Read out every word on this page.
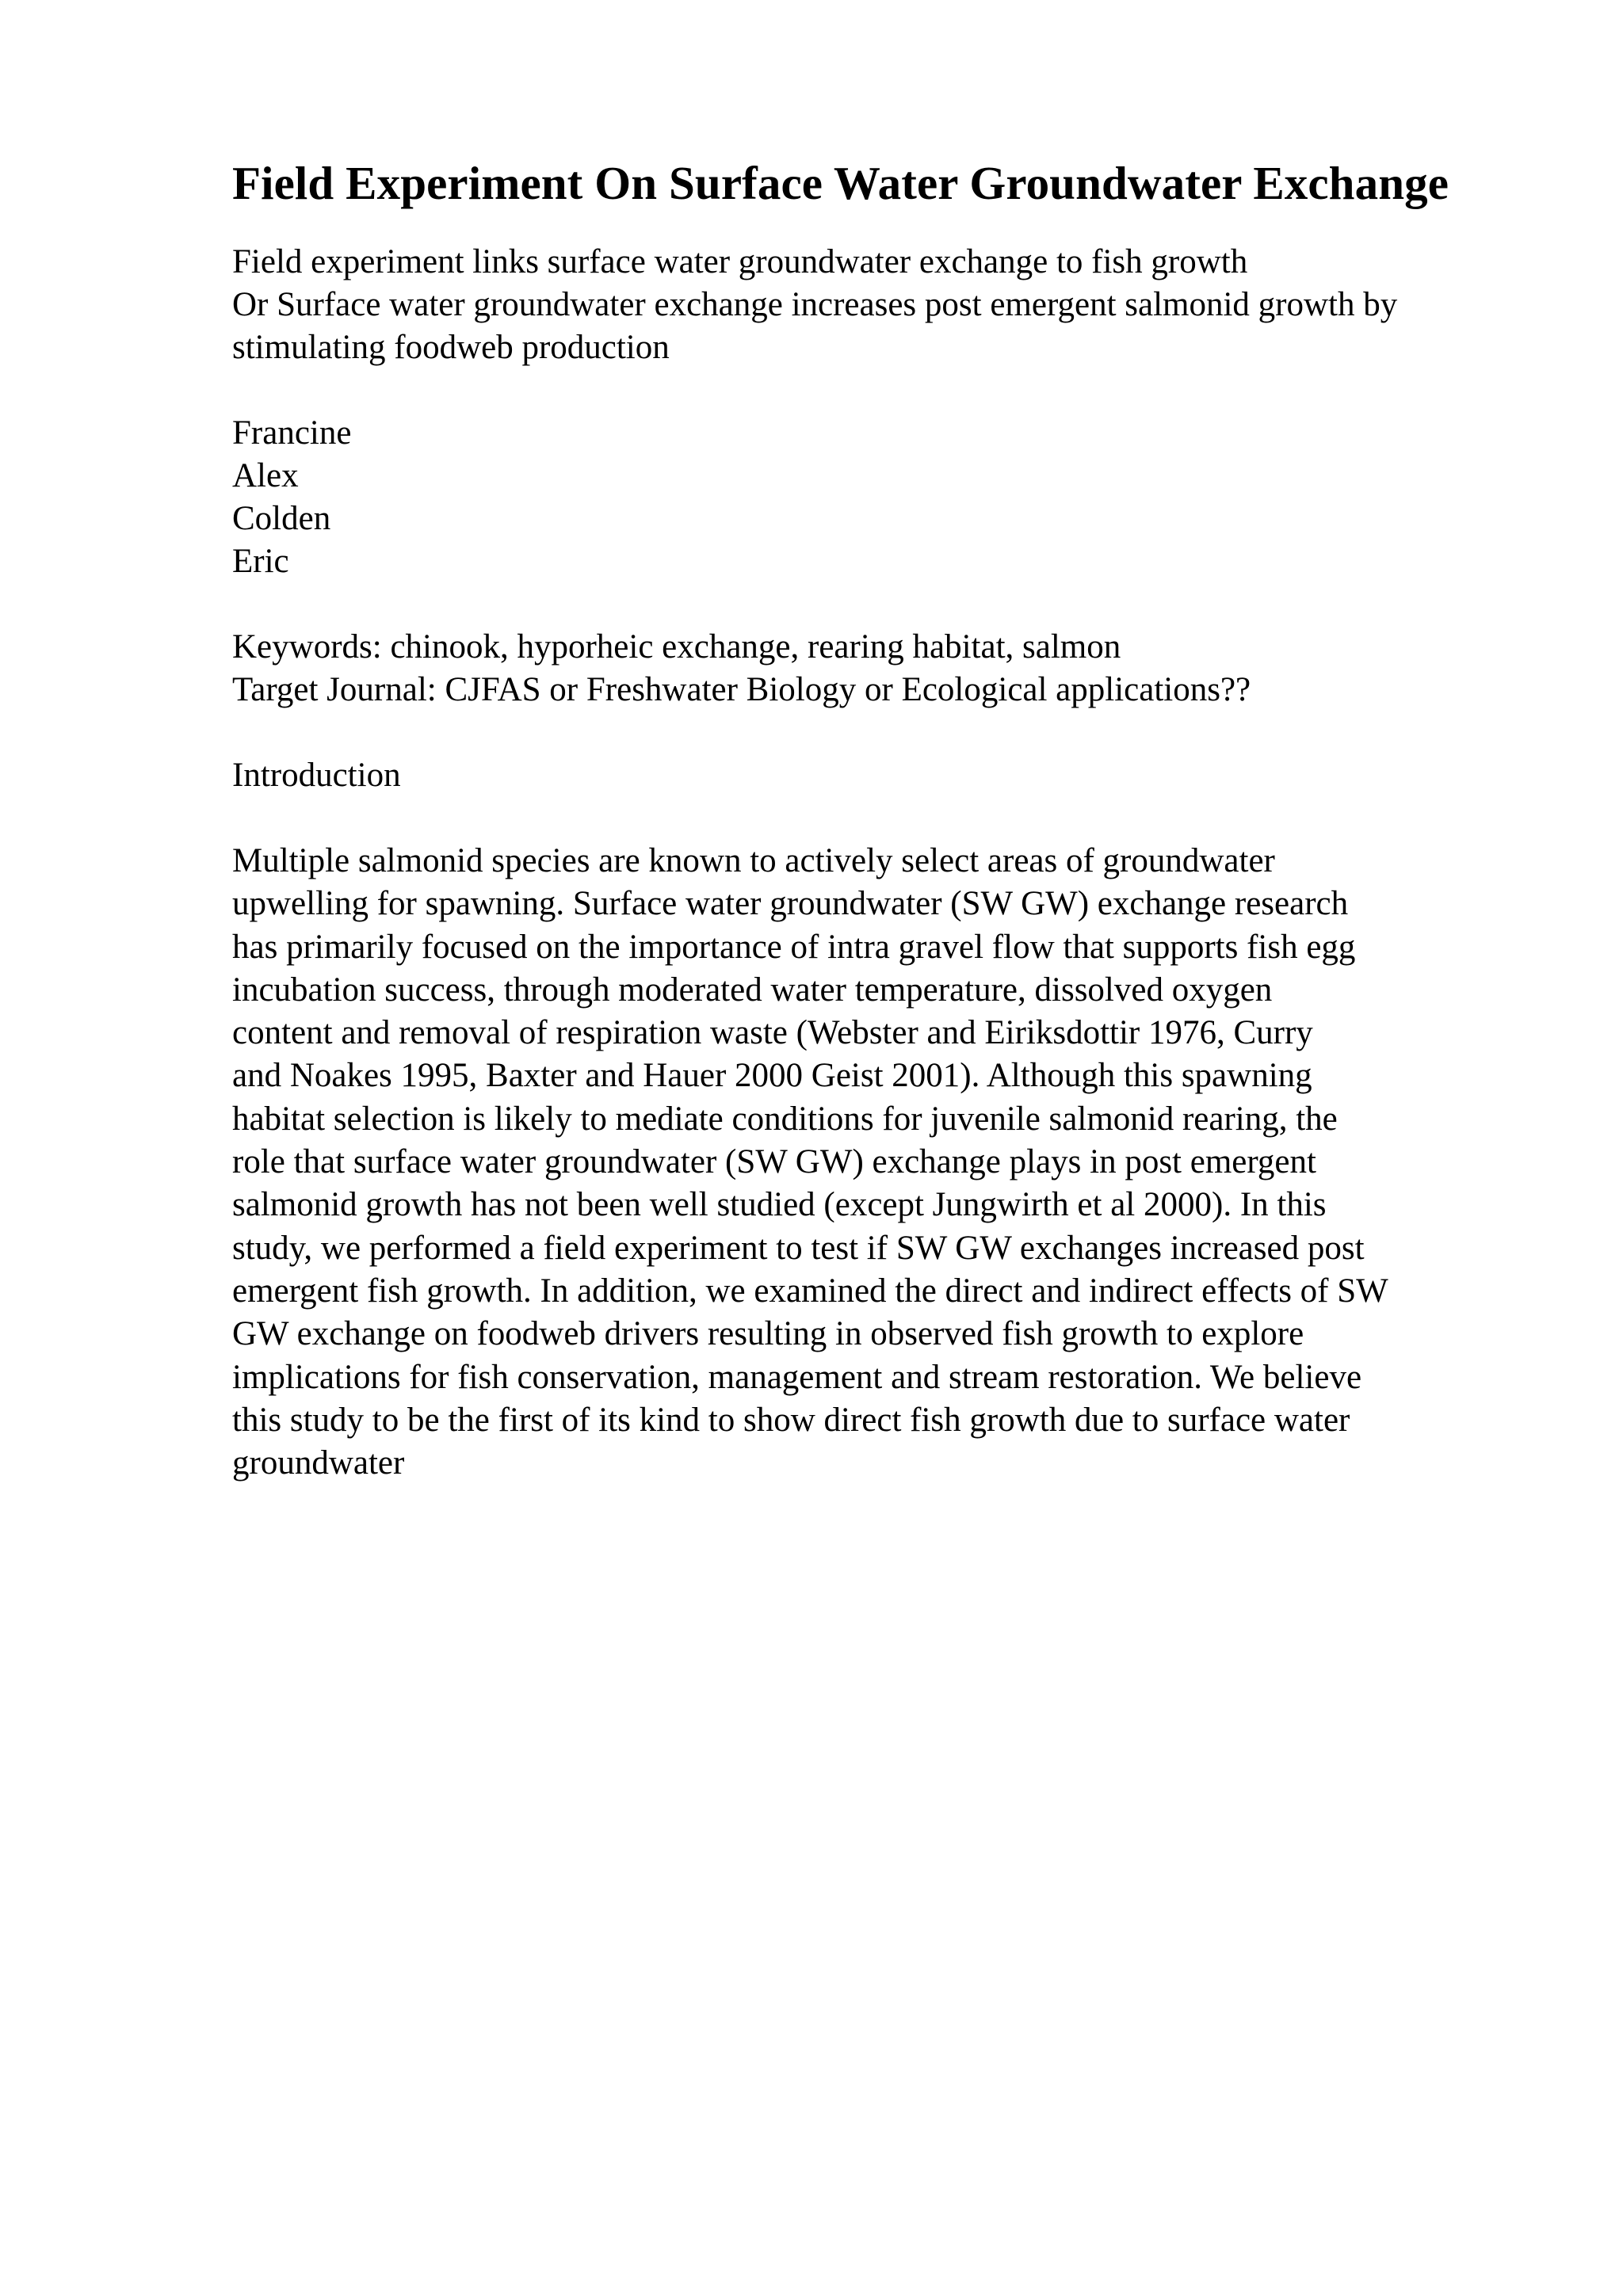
Field Experiment On Surface Water Groundwater Exchange
Field experiment links surface water groundwater exchange to fish growth
Or Surface water groundwater exchange increases post emergent salmonid growth by
stimulating foodweb production
Francine
Alex
Colden
Eric
Keywords: chinook, hyporheic exchange, rearing habitat, salmon
Target Journal: CJFAS or Freshwater Biology or Ecological applications??
Introduction

Multiple salmonid species are known to actively select areas of groundwater
upwelling for spawning. Surface water groundwater (SW GW) exchange research
has primarily focused on the importance of intra gravel flow that supports fish egg
incubation success, through moderated water temperature, dissolved oxygen
content and removal of respiration waste (Webster and Eiriksdottir 1976, Curry
and Noakes 1995, Baxter and Hauer 2000 Geist 2001). Although this spawning
habitat selection is likely to mediate conditions for juvenile salmonid rearing, the
role that surface water groundwater (SW GW) exchange plays in post emergent
salmonid growth has not been well studied (except Jungwirth et al 2000). In this
study, we performed a field experiment to test if SW GW exchanges increased post
emergent fish growth. In addition, we examined the direct and indirect effects of SW
GW exchange on foodweb drivers resulting in observed fish growth to explore
implications for fish conservation, management and stream restoration. We believe
this study to be the first of its kind to show direct fish growth due to surface water
groundwater
